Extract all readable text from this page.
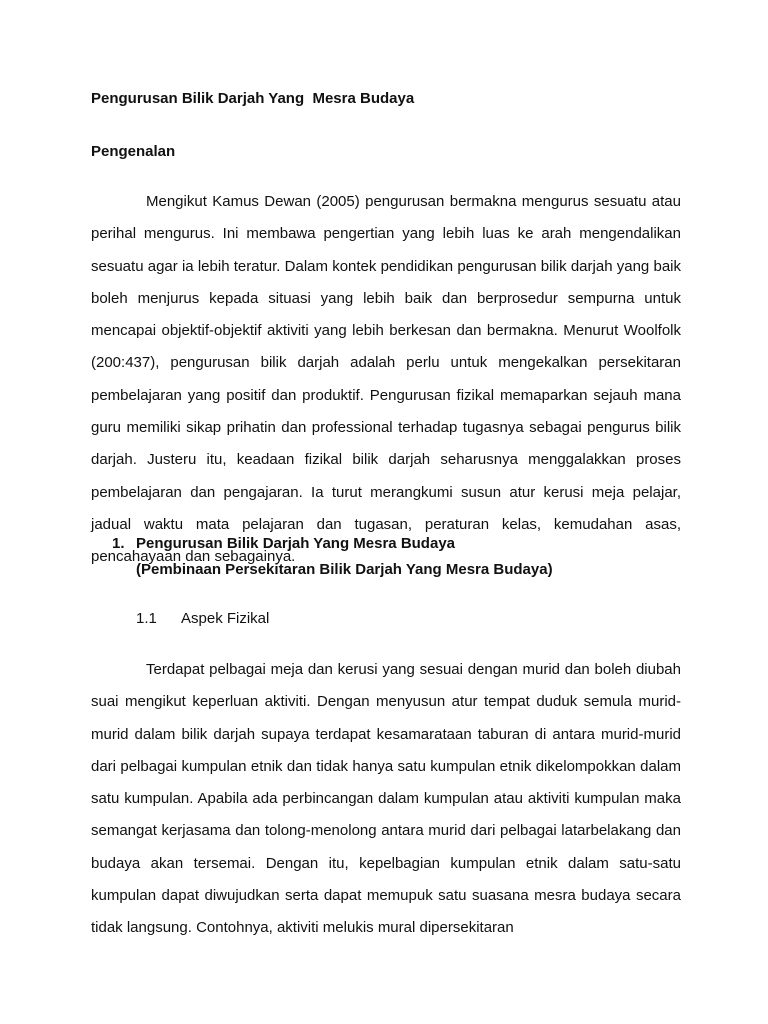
Pengurusan Bilik Darjah Yang  Mesra Budaya
Pengenalan

Mengikut Kamus Dewan (2005) pengurusan bermakna mengurus sesuatu atau perihal mengurus. Ini membawa pengertian yang lebih luas ke arah mengendalikan sesuatu agar ia lebih teratur. Dalam kontek pendidikan pengurusan bilik darjah yang baik boleh menjurus kepada situasi yang lebih baik dan berprosedur sempurna untuk mencapai objektif-objektif aktiviti yang lebih berkesan dan bermakna. Menurut Woolfolk (200:437), pengurusan bilik darjah adalah perlu untuk mengekalkan persekitaran pembelajaran yang positif dan produktif. Pengurusan fizikal memaparkan sejauh mana guru memiliki sikap prihatin dan professional terhadap tugasnya sebagai pengurus bilik darjah. Justeru itu, keadaan fizikal bilik darjah seharusnya menggalakkan proses pembelajaran dan pengajaran. Ia turut merangkumi susun atur kerusi meja pelajar, jadual waktu mata pelajaran dan tugasan, peraturan kelas, kemudahan asas, pencahayaan dan sebagainya.

1. Pengurusan Bilik Darjah Yang Mesra Budaya
(Pembinaan Persekitaran Bilik Darjah Yang Mesra Budaya)
1.1 Aspek Fizikal

Terdapat pelbagai meja dan kerusi yang sesuai dengan murid dan boleh diubah suai mengikut keperluan aktiviti. Dengan menyusun atur tempat duduk semula murid-murid dalam bilik darjah supaya terdapat kesamarataan taburan di antara murid-murid dari pelbagai kumpulan etnik dan tidak hanya satu kumpulan etnik dikelompokkan dalam satu kumpulan. Apabila ada perbincangan dalam kumpulan atau aktiviti kumpulan maka semangat kerjasama dan tolong-menolong antara murid dari pelbagai latarbelakang dan budaya akan tersemai. Dengan itu, kepelbagian kumpulan etnik dalam satu-satu kumpulan dapat diwujudkan serta dapat memupuk satu suasana mesra budaya secara tidak langsung. Contohnya, aktiviti melukis mural dipersekitaran
